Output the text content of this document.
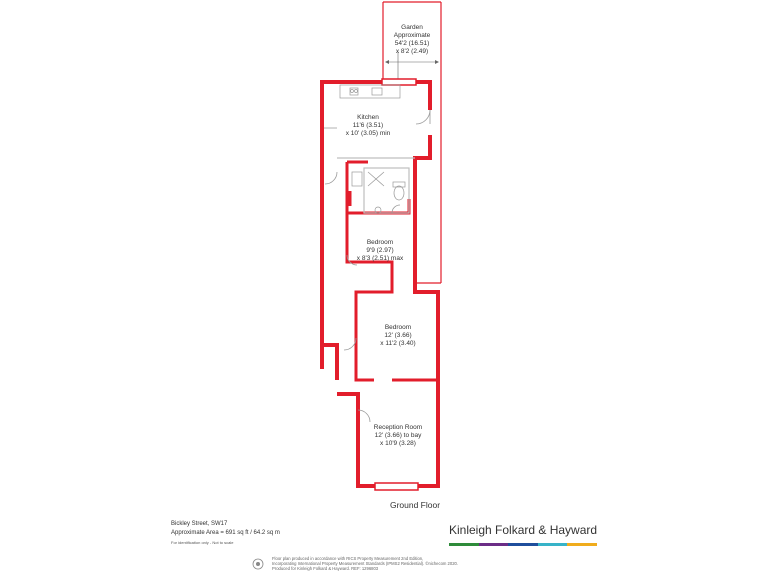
Garden
Approximate
54'2 (16.51)
x 8'2 (2.49)
Kitchen
11'6 (3.51)
x 10' (3.05) min
Bedroom
9'9 (2.97)
x 8'3 (2.51) max
Bedroom
12' (3.66)
x 11'2 (3.40)
Reception Room
12' (3.66) to bay
x 10'9 (3.28)
Ground Floor
Bickley Street, SW17
Approximate Area = 691 sq ft / 64.2 sq m
For identification only - Not to scale
Kinleigh Folkard & Hayward
Floor plan produced in accordance with RICS Property Measurement 2nd Edition,
Incorporating International Property Measurement Standards (IPMS2 Residential). ©nichecom 2020.
Produced for Kinleigh Folkard & Hayward. REF: 1296803
